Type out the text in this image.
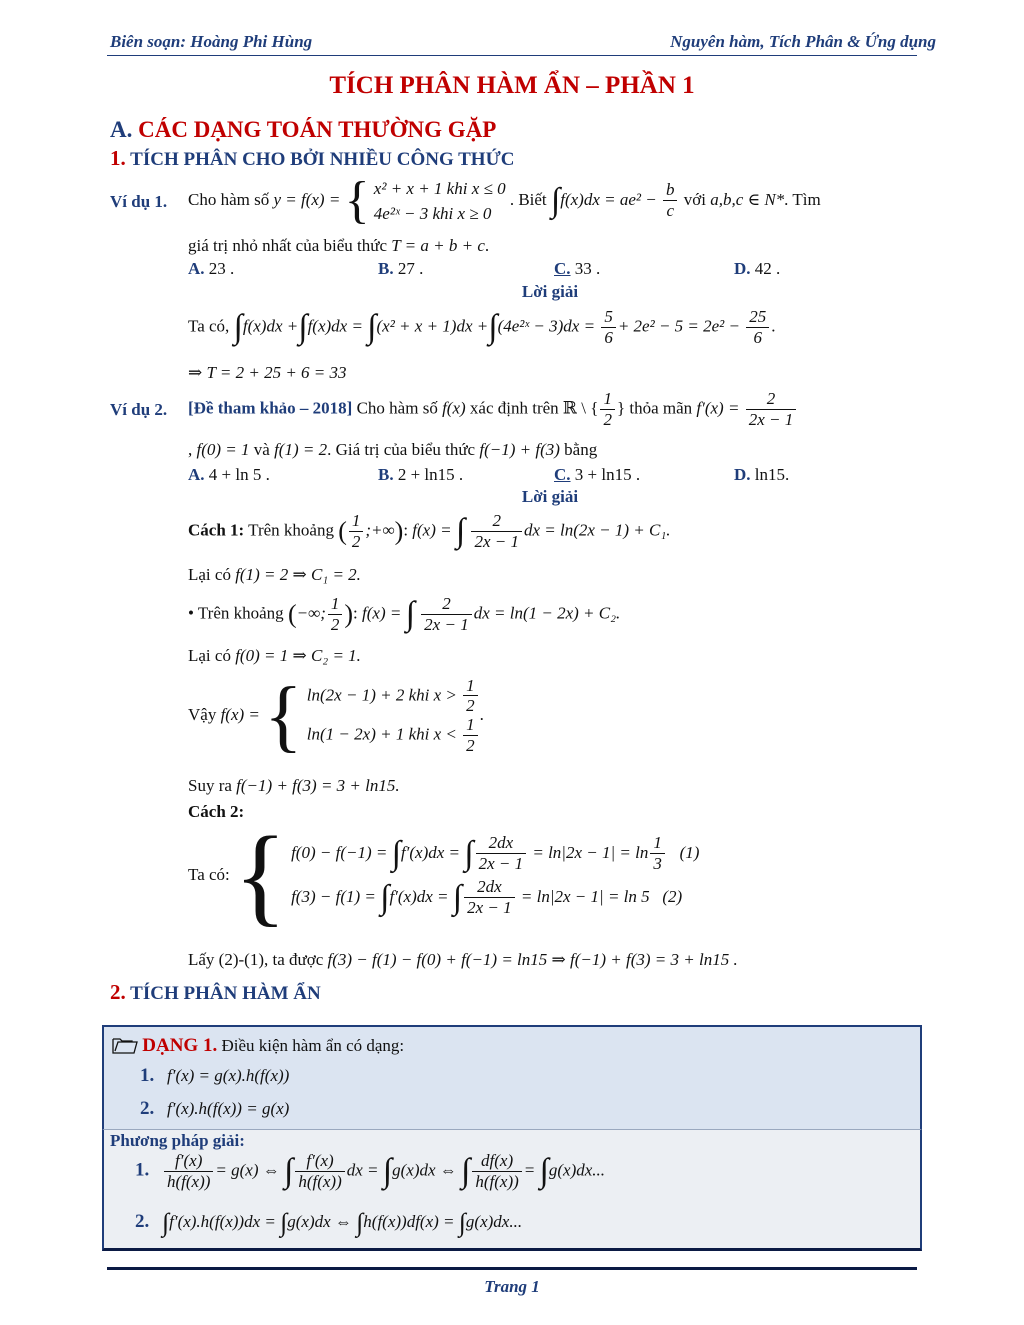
Biên soạn: Hoàng Phi Hùng	Nguyên hàm, Tích Phân & Ứng dụng
TÍCH PHÂN HÀM ẨN – PHẦN 1
A. CÁC DẠNG TOÁN THƯỜNG GẶP
1. TÍCH PHÂN CHO BỞI NHIỀU CÔNG THỨC
Ví dụ 1. Cho hàm số y = f(x) = { x² + x + 1 khi x ≤ 0
4e²ˣ − 3 khi x ≥ 0 . Biết $\int f(x)dx = ae^2 - \frac{b}{c}$ với a,b,c ∈ N*. Tìm
giá trị nhỏ nhất của biểu thức T = a + b + c.
A. 23 .	B. 27 .	C. 33 .	D. 42 .
Lời giải
Ta có, ∫f(x)dx +∫f(x)dx = ∫(x² + x + 1)dx +∫(4e²ˣ − $3)dx = \frac{5}{6} + 2e^2 - 5 = 2e^2 - \frac{25}{6}$ .
⇒ T = 2 + 25 + 6 = 33
Ví dụ 2. [Đề tham khảo – 2018] Cho hàm số f(x) xác định trên ℝ \ { $\frac{1}{2}$ } thỏa mãn $f'(x) = \frac{2}{2x - 1}$
, f(0) = 1 và f(1) = 2. Giá trị của biểu thức f(−1) + f(3) bằng
A. 4 + ln 5 .	B. 2 + ln15 .	C. 3 + ln15 .	D. ln15.
Lời giải
Cách 1: Trên khoảng ( $\frac{1}{2}$ ;+∞): f(x) = ∫ $\frac{2}{2x - 1}$ dx = ln(2x − 1) + C₁.
Lại có f(1) = 2 ⇒ C₁ = 2.
• Trên khoảng (−∞; $\frac{1}{2}$ ): f(x) = ∫ $\frac{2}{2x - 1}$ dx = ln(1 − 2x) + C₂.
Lại có f(0) = 1 ⇒ C₂ = 1.
Vậy f(x) = { ln(2x − 1) + 2 khi $x > \frac{1}{2}$

ln(1 − 2x) + 1 khi $x < \frac{1}{2}$
.
Suy ra f(−1) + f(3) = 3 + ln15.
Cách 2:
Ta có: { f(0) − f(−1) = ∫f′(x)dx = ∫ $\frac{2dx}{2x - 1} = \ln|2x - 1| = \ln \frac{1}{3} (1)$
f(3) − f(1) = ∫f′(x)dx = ∫ $\frac{2dx}{2x - 1} = \ln|2x - 1| = \ln 5$   (2)
Lấy (2)-(1), ta được f(3) − f(1) − f(0) + f(−1) = ln15 ⇒ f(−1) + f(3) = 3 + ln15 .
2. TÍCH PHÂN HÀM ẨN
DẠNG 1. Điều kiện hàm ẩn có dạng:
1. f′(x) = g(x).h(f(x))
2. f′(x).h(f(x)) = g(x)
Phương pháp giải:
1. $\frac{f'(x)}{h(f(x))} = g(x)$ ⇔ ∫ $\frac{f'(x)}{h(f(x))}$ dx = ∫g(x)dx ⇔ ∫ $\frac{df(x)}{h(f(x))} = \int g(x)dx$...
2. ∫f′(x).h(f(x))dx = ∫g(x)dx ⇔ ∫h(f(x))df(x) = ∫g(x)dx...
Trang 1
